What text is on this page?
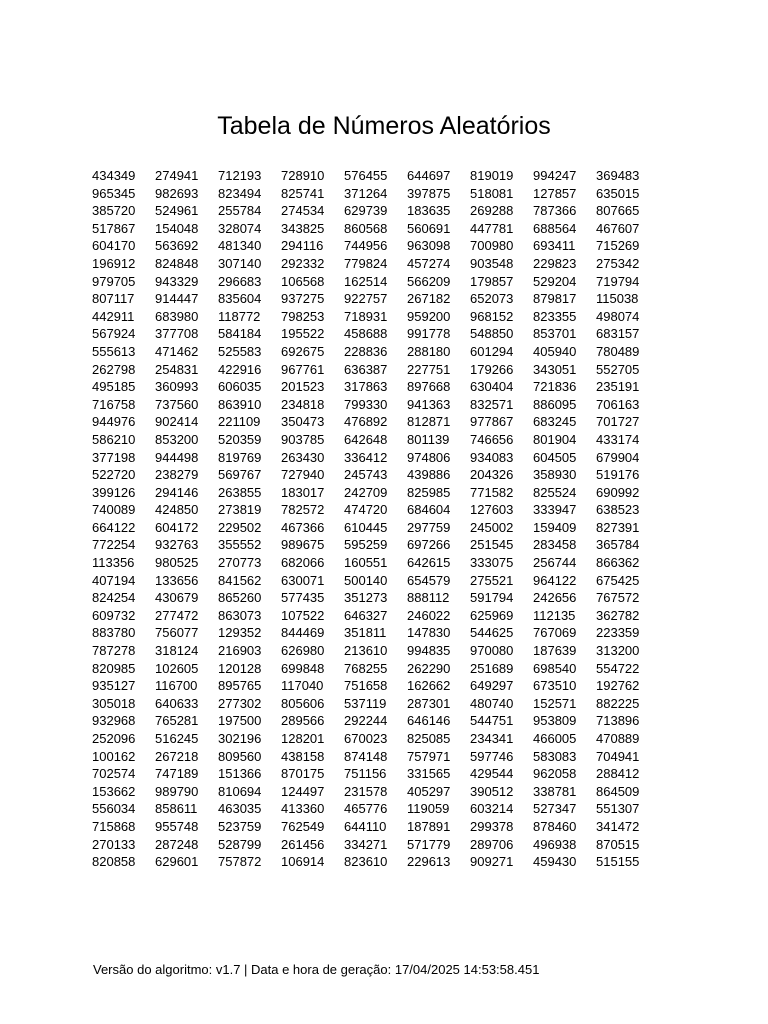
Tabela de Números Aleatórios
434349	274941	712193	728910	576455	644697	819019	994247	369483
965345	982693	823494	825741	371264	397875	518081	127857	635015
385720	524961	255784	274534	629739	183635	269288	787366	807665
517867	154048	328074	343825	860568	560691	447781	688564	467607
604170	563692	481340	294116	744956	963098	700980	693411	715269
196912	824848	307140	292332	779824	457274	903548	229823	275342
979705	943329	296683	106568	162514	566209	179857	529204	719794
807117	914447	835604	937275	922757	267182	652073	879817	115038
442911	683980	118772	798253	718931	959200	968152	823355	498074
567924	377708	584184	195522	458688	991778	548850	853701	683157
555613	471462	525583	692675	228836	288180	601294	405940	780489
262798	254831	422916	967761	636387	227751	179266	343051	552705
495185	360993	606035	201523	317863	897668	630404	721836	235191
716758	737560	863910	234818	799330	941363	832571	886095	706163
944976	902414	221109	350473	476892	812871	977867	683245	701727
586210	853200	520359	903785	642648	801139	746656	801904	433174
377198	944498	819769	263430	336412	974806	934083	604505	679904
522720	238279	569767	727940	245743	439886	204326	358930	519176
399126	294146	263855	183017	242709	825985	771582	825524	690992
740089	424850	273819	782572	474720	684604	127603	333947	638523
664122	604172	229502	467366	610445	297759	245002	159409	827391
772254	932763	355552	989675	595259	697266	251545	283458	365784
113356	980525	270773	682066	160551	642615	333075	256744	866362
407194	133656	841562	630071	500140	654579	275521	964122	675425
824254	430679	865260	577435	351273	888112	591794	242656	767572
609732	277472	863073	107522	646327	246022	625969	112135	362782
883780	756077	129352	844469	351811	147830	544625	767069	223359
787278	318124	216903	626980	213610	994835	970080	187639	313200
820985	102605	120128	699848	768255	262290	251689	698540	554722
935127	116700	895765	117040	751658	162662	649297	673510	192762
305018	640633	277302	805606	537119	287301	480740	152571	882225
932968	765281	197500	289566	292244	646146	544751	953809	713896
252096	516245	302196	128201	670023	825085	234341	466005	470889
100162	267218	809560	438158	874148	757971	597746	583083	704941
702574	747189	151366	870175	751156	331565	429544	962058	288412
153662	989790	810694	124497	231578	405297	390512	338781	864509
556034	858611	463035	413360	465776	119059	603214	527347	551307
715868	955748	523759	762549	644110	187891	299378	878460	341472
270133	287248	528799	261456	334271	571779	289706	496938	870515
820858	629601	757872	106914	823610	229613	909271	459430	515155
Versão do algoritmo: v1.7 | Data e hora de geração: 17/04/2025 14:53:58.451
